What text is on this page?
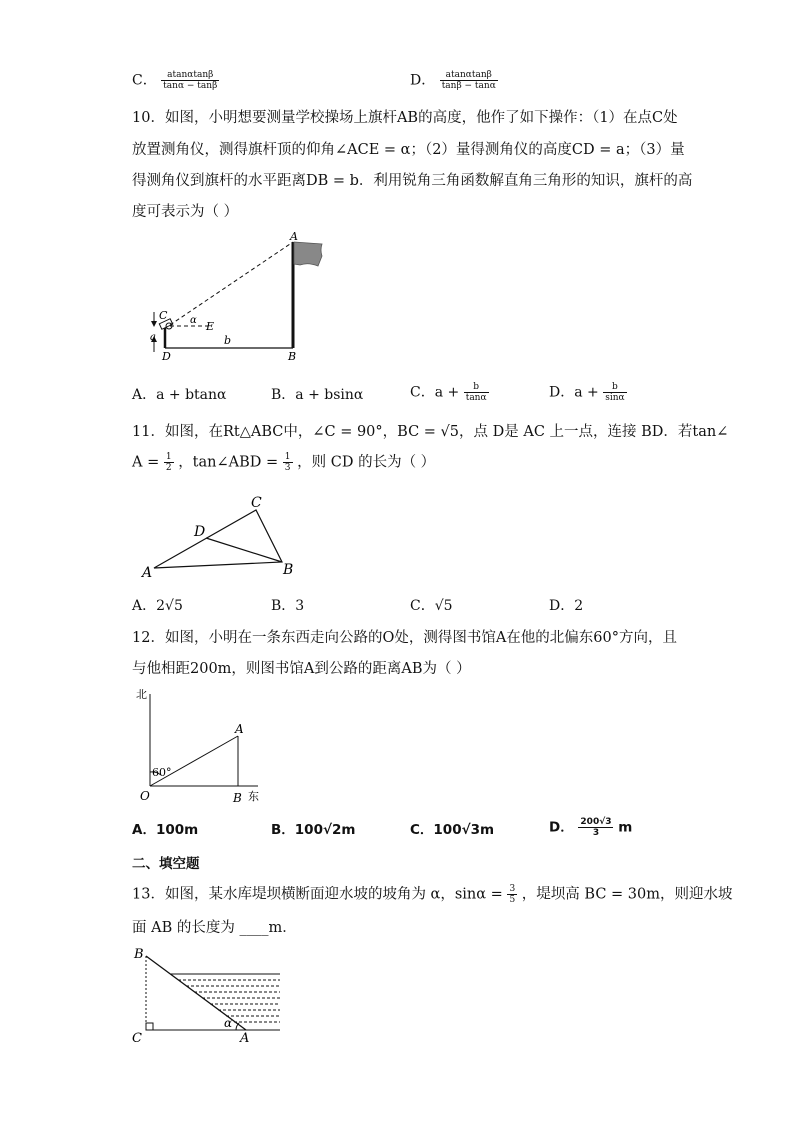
C． $\frac{atan\alpha\tan\beta}{\tan\alpha - \tan\beta}$	D． $\frac{atan\alpha\tan\beta}{\tan\beta - \tan\alpha}$
10．如图，小明想要测量学校操场上旗杆AB的高度，他作了如下操作：（1）在点C处
放置测角仪，测得旗杆顶的仰角∠ACE = α；（2）量得测角仪的高度CD = a；（3）量
得测角仪到旗杆的水平距离DB = b．利用锐角三角函数解直角三角形的知识，旗杆的高
度可表示为（ ）
A
C α E
a
D
b
B
A．a + btanα	B．a + bsinα	C．$a + \frac{b}{\tan\alpha}$	D．$a + \frac{b}{\sin\alpha}$
11．如图，在Rt△ABC中，∠C = 90°，BC = √5，点 D是 AC 上一点，连接 BD．若tan∠
$A = \frac{1}{2}$ ，tan∠ABD = $\frac{1}{3}$ ，则 CD 的长为（ ）
A	B
C
D
A．2√5	B．3	C．√5	D．2
12．如图，小明在一条东西走向公路的O处，测得图书馆A在他的北偏东60°方向，且
与他相距200m，则图书馆A到公路的距离AB为（ ）
北
东
A
60°
O	B
A．100m	B．100√2m	C．100√3m	D． $\frac{200√3}{3}$ m
二、填空题
13．如图，某水库堤坝横断面迎水坡的坡角为 α，$\sin\alpha = \frac{3}{5}$ ，堤坝高 BC = 30m，则迎水坡
面 AB 的长度为 ____m．
B
C
α
A
